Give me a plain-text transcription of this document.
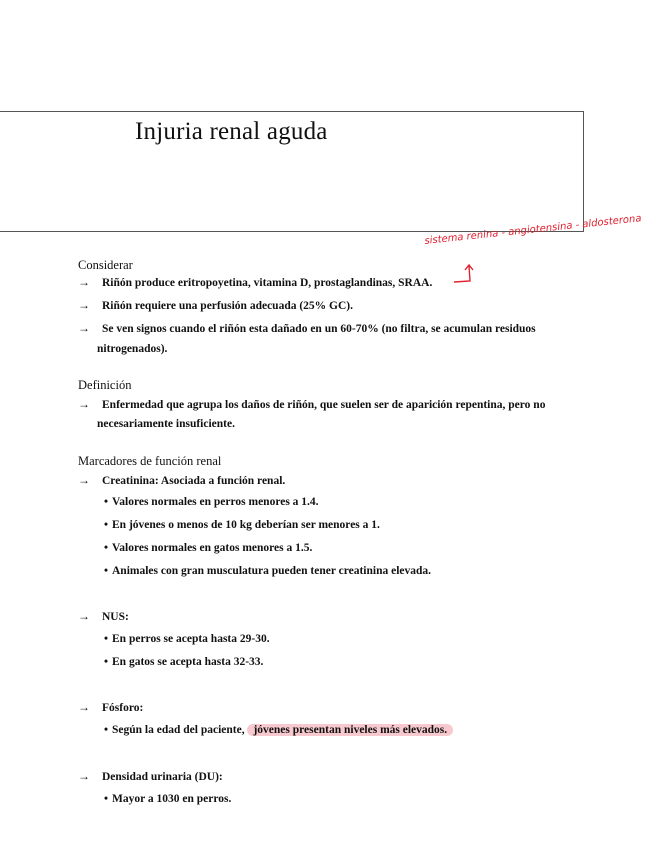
Injuria renal aguda
sistema renina - angiotensina - aldosterona
Considerar
→ Riñón produce eritropoyetina, vitamina D, prostaglandinas, SRAA.
→ Riñón requiere una perfusión adecuada (25% GC).
→ Se ven signos cuando el riñón esta dañado en un 60-70% (no filtra, se acumulan residuos
nitrogenados).
Definición
→ Enfermedad que agrupa los daños de riñón, que suelen ser de aparición repentina, pero no
necesariamente insuficiente.
Marcadores de función renal
→ Creatinina: Asociada a función renal.
• Valores normales en perros menores a 1.4.
• En jóvenes o menos de 10 kg deberían ser menores a 1.
• Valores normales en gatos menores a 1.5.
• Animales con gran musculatura pueden tener creatinina elevada.
→ NUS:
• En perros se acepta hasta 29-30.
• En gatos se acepta hasta 32-33.
→ Fósforo:
• Según la edad del paciente, jóvenes presentan niveles más elevados.
→ Densidad urinaria (DU):
• Mayor a 1030 en perros.
